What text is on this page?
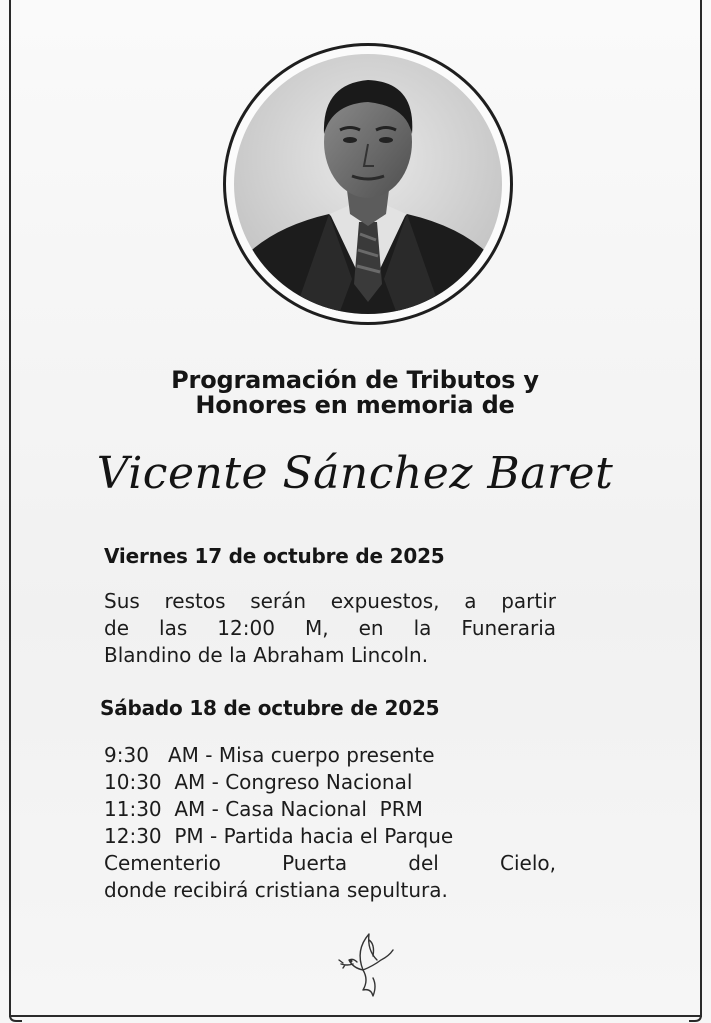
Programación de Tributos y
Honores en memoria de
Vicente Sánchez Baret
Viernes 17 de octubre de 2025
Sus restos serán expuestos, a partir
de las 12:00 M, en la Funeraria
Blandino de la Abraham Lincoln.
Sábado 18 de octubre de 2025
9:30   AM - Misa cuerpo presente
10:30  AM - Congreso Nacional
11:30  AM - Casa Nacional  PRM
12:30  PM - Partida hacia el Parque
Cementerio Puerta del Cielo,
donde recibirá cristiana sepultura.
